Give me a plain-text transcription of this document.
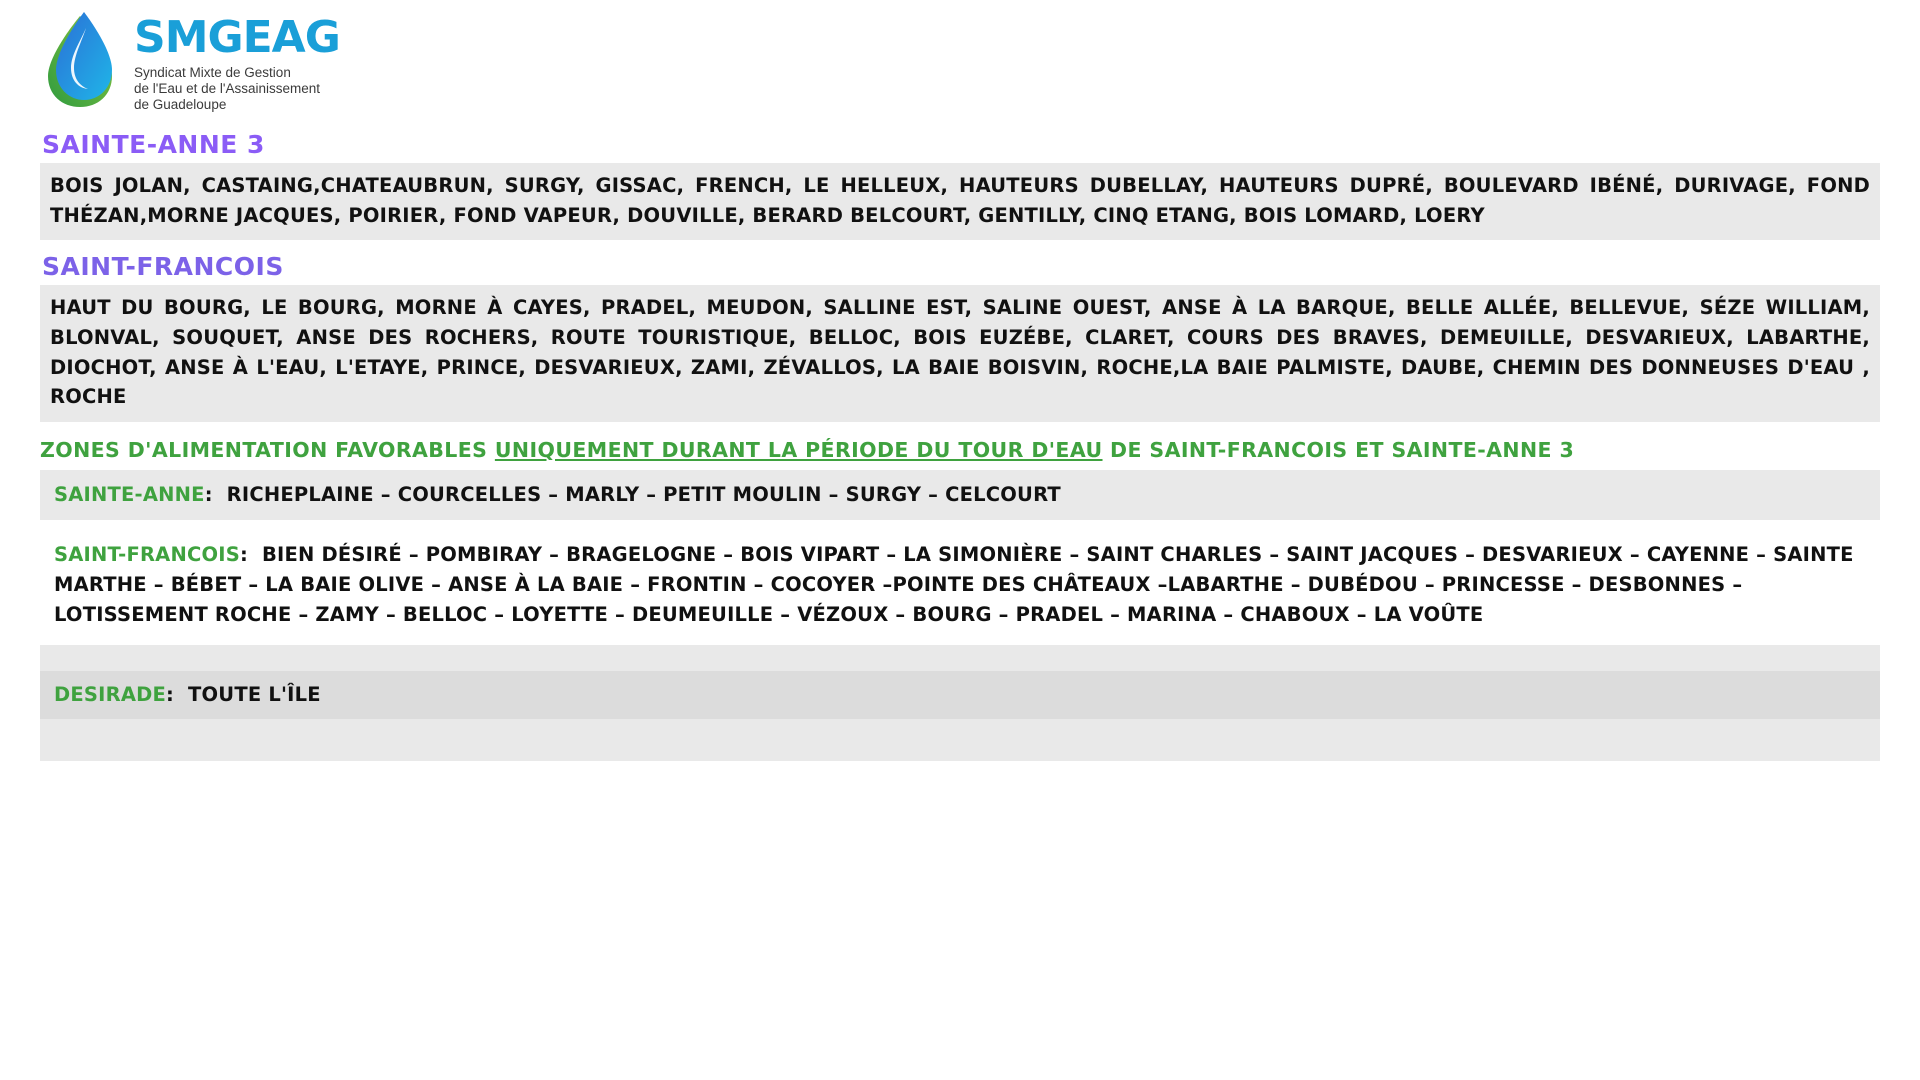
SMGEAG
Syndicat Mixte de Gestion
de l'Eau et de l'Assainissement
de Guadeloupe
SAINTE-ANNE 3

BOIS JOLAN, CASTAING,CHATEAUBRUN, SURGY, GISSAC, FRENCH, LE HELLEUX, HAUTEURS DUBELLAY, HAUTEURS DUPRÉ, BOULEVARD IBÉNÉ, DURIVAGE, FOND THÉZAN,MORNE JACQUES, POIRIER, FOND VAPEUR, DOUVILLE, BERARD BELCOURT, GENTILLY, CINQ ETANG, BOIS LOMARD, LOERY

SAINT-FRANCOIS

HAUT DU BOURG, LE BOURG, MORNE À CAYES, PRADEL, MEUDON, SALLINE EST, SALINE OUEST, ANSE À LA BARQUE, BELLE ALLÉE, BELLEVUE, SÉZE WILLIAM, BLONVAL, SOUQUET, ANSE DES ROCHERS, ROUTE TOURISTIQUE, BELLOC, BOIS EUZÉBE, CLARET, COURS DES BRAVES, DEMEUILLE, DESVARIEUX, LABARTHE, DIOCHOT, ANSE À L'EAU, L'ETAYE, PRINCE, DESVARIEUX, ZAMI, ZÉVALLOS, LA BAIE BOISVIN, ROCHE,LA BAIE PALMISTE, DAUBE, CHEMIN DES DONNEUSES D'EAU , ROCHE

ZONES D'ALIMENTATION FAVORABLES UNIQUEMENT DURANT LA PÉRIODE DU TOUR D'EAU DE SAINT-FRANCOIS ET SAINTE-ANNE 3

SAINTE-ANNE: RICHEPLAINE – COURCELLES – MARLY – PETIT MOULIN – SURGY – CELCOURT

SAINT-FRANCOIS: BIEN DÉSIRÉ – POMBIRAY – BRAGELOGNE – BOIS VIPART – LA SIMONIÈRE – SAINT CHARLES – SAINT JACQUES – DESVARIEUX – CAYENNE – SAINTE MARTHE – BÉBET – LA BAIE OLIVE – ANSE À LA BAIE – FRONTIN – COCOYER –POINTE DES CHÂTEAUX –LABARTHE – DUBÉDOU – PRINCESSE – DESBONNES – LOTISSEMENT ROCHE – ZAMY – BELLOC – LOYETTE – DEUMEUILLE – VÉZOUX – BOURG – PRADEL – MARINA – CHABOUX – LA VOÛTE

DESIRADE: TOUTE L'ÎLE
